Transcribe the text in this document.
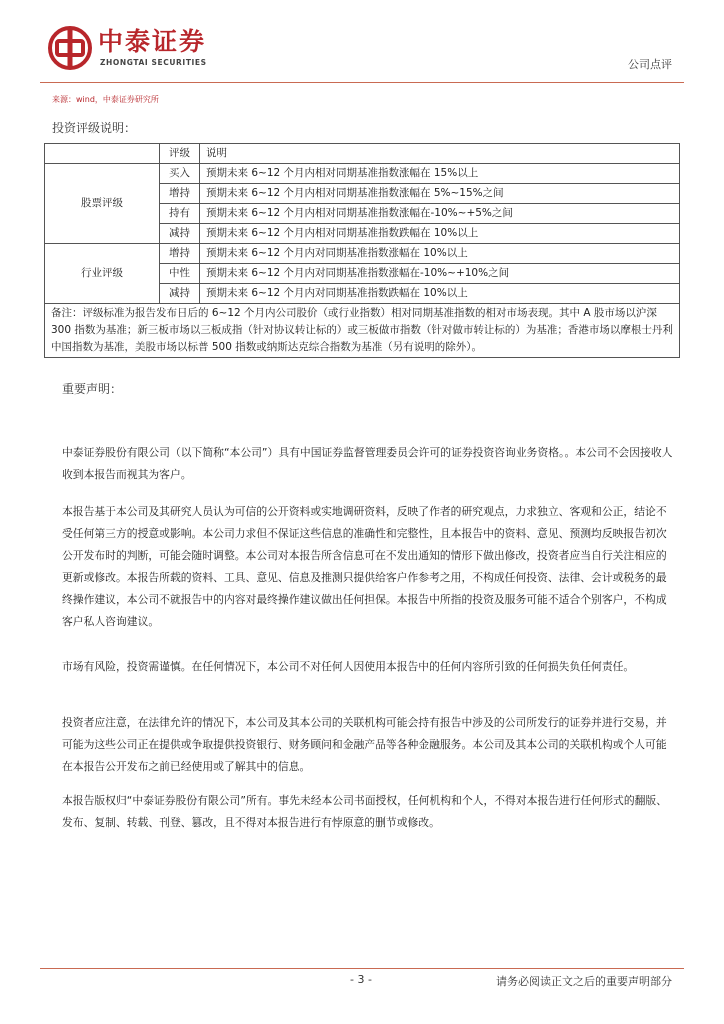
中泰证券
ZHONGTAI SECURITIES	公司点评
来源：wind，中泰证券研究所
投资评级说明：
	评级	说明
股票评级	买入	预期未来 6~12 个月内相对同期基准指数涨幅在 15%以上
	增持	预期未来 6~12 个月内相对同期基准指数涨幅在 5%~15%之间
	持有	预期未来 6~12 个月内相对同期基准指数涨幅在-10%~+5%之间
	减持	预期未来 6~12 个月内相对同期基准指数跌幅在 10%以上
行业评级	增持	预期未来 6~12 个月内对同期基准指数涨幅在 10%以上
	中性	预期未来 6~12 个月内对同期基准指数涨幅在-10%~+10%之间
	减持	预期未来 6~12 个月内对同期基准指数跌幅在 10%以上
备注：评级标准为报告发布日后的 6~12 个月内公司股价（或行业指数）相对同期基准指数的相对市场表现。其中 A 股市场以沪深 300 指数为基准；新三板市场以三板成指（针对协议转让标的）或三板做市指数（针对做市转让标的）为基准；香港市场以摩根士丹利中国指数为基准，美股市场以标普 500 指数或纳斯达克综合指数为基准（另有说明的除外）。		
重要声明：

中泰证券股份有限公司（以下简称“本公司”）具有中国证券监督管理委员会许可的证券投资咨询业务资格。。本公司不会因接收人收到本报告而视其为客户。

本报告基于本公司及其研究人员认为可信的公开资料或实地调研资料，反映了作者的研究观点，力求独立、客观和公正，结论不受任何第三方的授意或影响。本公司力求但不保证这些信息的准确性和完整性，且本报告中的资料、意见、预测均反映报告初次公开发布时的判断，可能会随时调整。本公司对本报告所含信息可在不发出通知的情形下做出修改，投资者应当自行关注相应的更新或修改。本报告所载的资料、工具、意见、信息及推测只提供给客户作参考之用，不构成任何投资、法律、会计或税务的最终操作建议，本公司不就报告中的内容对最终操作建议做出任何担保。本报告中所指的投资及服务可能不适合个别客户，不构成客户私人咨询建议。

市场有风险，投资需谨慎。在任何情况下，本公司不对任何人因使用本报告中的任何内容所引致的任何损失负任何责任。

投资者应注意，在法律允许的情况下，本公司及其本公司的关联机构可能会持有报告中涉及的公司所发行的证券并进行交易，并可能为这些公司正在提供或争取提供投资银行、财务顾问和金融产品等各种金融服务。本公司及其本公司的关联机构或个人可能在本报告公开发布之前已经使用或了解其中的信息。

本报告版权归“中泰证券股份有限公司”所有。事先未经本公司书面授权，任何机构和个人，不得对本报告进行任何形式的翻版、发布、复制、转载、刊登、篡改，且不得对本报告进行有悖原意的删节或修改。

- 3 -	请务必阅读正文之后的重要声明部分
